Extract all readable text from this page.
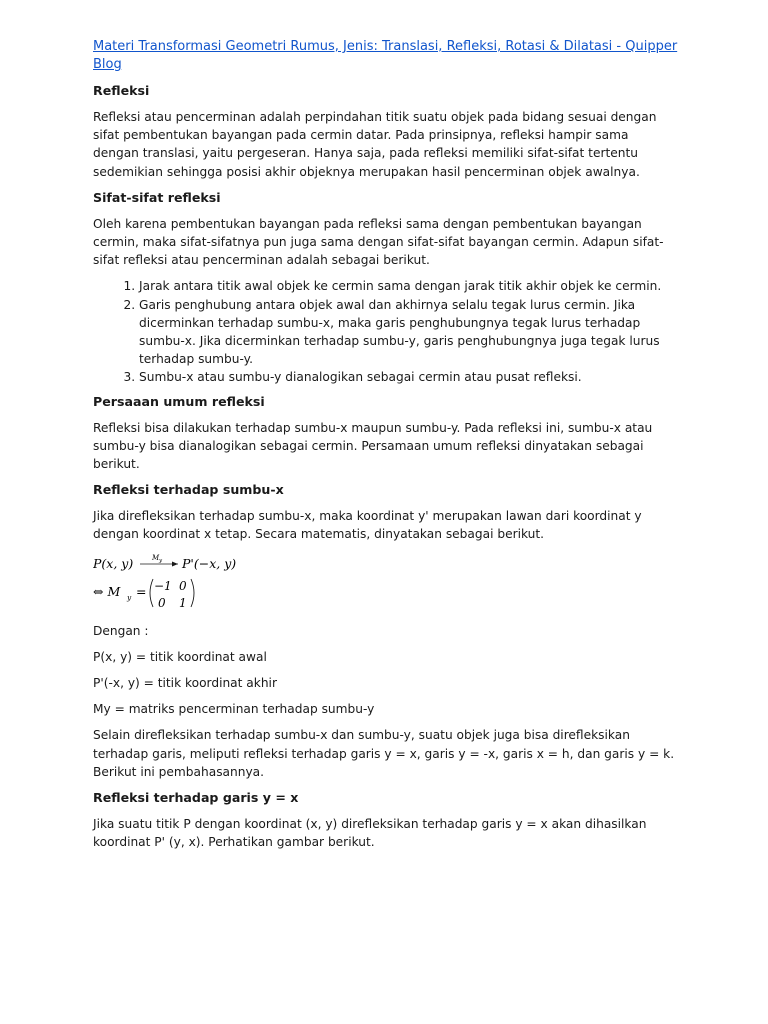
Materi Transformasi Geometri Rumus, Jenis: Translasi, Refleksi, Rotasi & Dilatasi - Quipper Blog
Refleksi

Refleksi atau pencerminan adalah perpindahan titik suatu objek pada bidang sesuai dengan sifat pembentukan bayangan pada cermin datar. Pada prinsipnya, refleksi hampir sama dengan translasi, yaitu pergeseran. Hanya saja, pada refleksi memiliki sifat-sifat tertentu sedemikian sehingga posisi akhir objeknya merupakan hasil pencerminan objek awalnya.

Sifat-sifat refleksi

Oleh karena pembentukan bayangan pada refleksi sama dengan pembentukan bayangan cermin, maka sifat-sifatnya pun juga sama dengan sifat-sifat bayangan cermin. Adapun sifat-sifat refleksi atau pencerminan adalah sebagai berikut.

1. Jarak antara titik awal objek ke cermin sama dengan jarak titik akhir objek ke cermin.
2. Garis penghubung antara objek awal dan akhirnya selalu tegak lurus cermin. Jika dicerminkan terhadap sumbu-x, maka garis penghubungnya tegak lurus terhadap sumbu-x. Jika dicerminkan terhadap sumbu-y, garis penghubungnya juga tegak lurus terhadap sumbu-y.
3. Sumbu-x atau sumbu-y dianalogikan sebagai cermin atau pusat refleksi.
Persaaan umum refleksi

Refleksi bisa dilakukan terhadap sumbu-x maupun sumbu-y. Pada refleksi ini, sumbu-x atau sumbu-y bisa dianalogikan sebagai cermin. Persamaan umum refleksi dinyatakan sebagai berikut.

Refleksi terhadap sumbu-x

Jika direfleksikan terhadap sumbu-x, maka koordinat y' merupakan lawan dari koordinat y dengan koordinat x tetap. Secara matematis, dinyatakan sebagai berikut.

P(x, y)	M y P'(−x, y)
⇔ M y = −1 0
0 1

Dengan :

P(x, y) = titik koordinat awal

P'(-x, y) = titik koordinat akhir

My = matriks pencerminan terhadap sumbu-y

Selain direfleksikan terhadap sumbu-x dan sumbu-y, suatu objek juga bisa direfleksikan terhadap garis, meliputi refleksi terhadap garis y = x, garis y = -x, garis x = h, dan garis y = k. Berikut ini pembahasannya.

Refleksi terhadap garis y = x

Jika suatu titik P dengan koordinat (x, y) direfleksikan terhadap garis y = x akan dihasilkan koordinat P' (y, x). Perhatikan gambar berikut.
